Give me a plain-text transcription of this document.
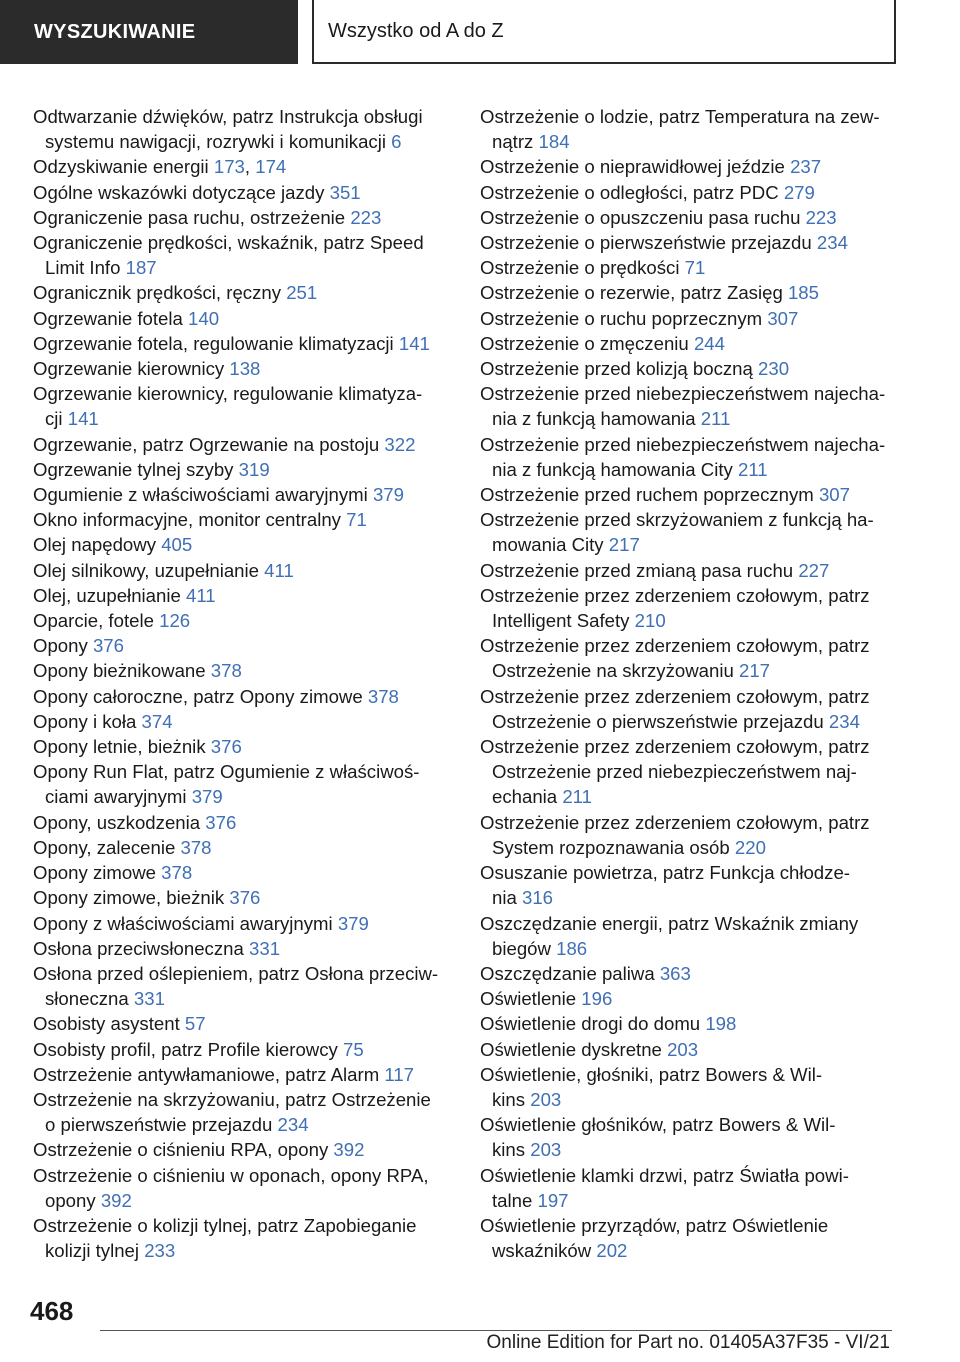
WYSZUKIWANIE	Wszystko od A do Z
Odtwarzanie dźwięków, patrz Instrukcja obsługi
systemu nawigacji, rozrywki i komunikacji 6
Odzyskiwanie energii 173, 174
Ogólne wskazówki dotyczące jazdy 351
Ograniczenie pasa ruchu, ostrzeżenie 223
Ograniczenie prędkości, wskaźnik, patrz Speed
Limit Info 187
Ogranicznik prędkości, ręczny 251
Ogrzewanie fotela 140
Ogrzewanie fotela, regulowanie klimatyzacji 141
Ogrzewanie kierownicy 138
Ogrzewanie kierownicy, regulowanie klimatyza‐
cji 141
Ogrzewanie, patrz Ogrzewanie na postoju 322
Ogrzewanie tylnej szyby 319
Ogumienie z właściwościami awaryjnymi 379
Okno informacyjne, monitor centralny 71
Olej napędowy 405
Olej silnikowy, uzupełnianie 411
Olej, uzupełnianie 411
Oparcie, fotele 126
Opony 376
Opony bieżnikowane 378
Opony całoroczne, patrz Opony zimowe 378
Opony i koła 374
Opony letnie, bieżnik 376
Opony Run Flat, patrz Ogumienie z właściwoś‐
ciami awaryjnymi 379
Opony, uszkodzenia 376
Opony, zalecenie 378
Opony zimowe 378
Opony zimowe, bieżnik 376
Opony z właściwościami awaryjnymi 379
Osłona przeciwsłoneczna 331
Osłona przed oślepieniem, patrz Osłona przeciw‐
słoneczna 331
Osobisty asystent 57
Osobisty profil, patrz Profile kierowcy 75
Ostrzeżenie antywłamaniowe, patrz Alarm 117
Ostrzeżenie na skrzyżowaniu, patrz Ostrzeżenie
o pierwszeństwie przejazdu 234
Ostrzeżenie o ciśnieniu RPA, opony 392
Ostrzeżenie o ciśnieniu w oponach, opony RPA,
opony 392
Ostrzeżenie o kolizji tylnej, patrz Zapobieganie
kolizji tylnej 233
Ostrzeżenie o lodzie, patrz Temperatura na zew‐
nątrz 184
Ostrzeżenie o nieprawidłowej jeździe 237
Ostrzeżenie o odległości, patrz PDC 279
Ostrzeżenie o opuszczeniu pasa ruchu 223
Ostrzeżenie o pierwszeństwie przejazdu 234
Ostrzeżenie o prędkości 71
Ostrzeżenie o rezerwie, patrz Zasięg 185
Ostrzeżenie o ruchu poprzecznym 307
Ostrzeżenie o zmęczeniu 244
Ostrzeżenie przed kolizją boczną 230
Ostrzeżenie przed niebezpieczeństwem najecha‐
nia z funkcją hamowania 211
Ostrzeżenie przed niebezpieczeństwem najecha‐
nia z funkcją hamowania City 211
Ostrzeżenie przed ruchem poprzecznym 307
Ostrzeżenie przed skrzyżowaniem z funkcją ha‐
mowania City 217
Ostrzeżenie przed zmianą pasa ruchu 227
Ostrzeżenie przez zderzeniem czołowym, patrz
Intelligent Safety 210
Ostrzeżenie przez zderzeniem czołowym, patrz
Ostrzeżenie na skrzyżowaniu 217
Ostrzeżenie przez zderzeniem czołowym, patrz
Ostrzeżenie o pierwszeństwie przejazdu 234
Ostrzeżenie przez zderzeniem czołowym, patrz
Ostrzeżenie przed niebezpieczeństwem naj‐
echania 211
Ostrzeżenie przez zderzeniem czołowym, patrz
System rozpoznawania osób 220
Osuszanie powietrza, patrz Funkcja chłodze‐
nia 316
Oszczędzanie energii, patrz Wskaźnik zmiany
biegów 186
Oszczędzanie paliwa 363
Oświetlenie 196
Oświetlenie drogi do domu 198
Oświetlenie dyskretne 203
Oświetlenie, głośniki, patrz Bowers & Wil‐
kins 203
Oświetlenie głośników, patrz Bowers & Wil‐
kins 203
Oświetlenie klamki drzwi, patrz Światła powi‐
talne 197
Oświetlenie przyrządów, patrz Oświetlenie
wskaźników 202
468
Online Edition for Part no. 01405A37F35 - VI/21
